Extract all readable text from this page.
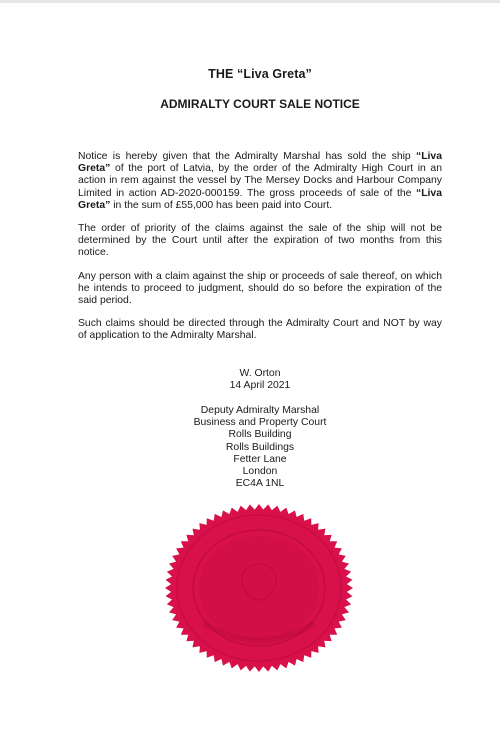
THE “Liva Greta”
ADMIRALTY COURT SALE NOTICE

Notice is hereby given that the Admiralty Marshal has sold the ship “Liva Greta” of the port of Latvia, by the order of the Admiralty High Court in an action in rem against the vessel by The Mersey Docks and Harbour Company Limited in action AD-2020-000159. The gross proceeds of sale of the “Liva Greta” in the sum of £55,000 has been paid into Court.

The order of priority of the claims against the sale of the ship will not be determined by the Court until after the expiration of two months from this notice.

Any person with a claim against the ship or proceeds of sale thereof, on which he intends to proceed to judgment, should do so before the expiration of the said period.

Such claims should be directed through the Admiralty Court and NOT by way of application to the Admiralty Marshal.

W. Orton
14 April 2021
Deputy Admiralty Marshal
Business and Property Court
Rolls Building
Rolls Buildings
Fetter Lane
London
EC4A 1NL
